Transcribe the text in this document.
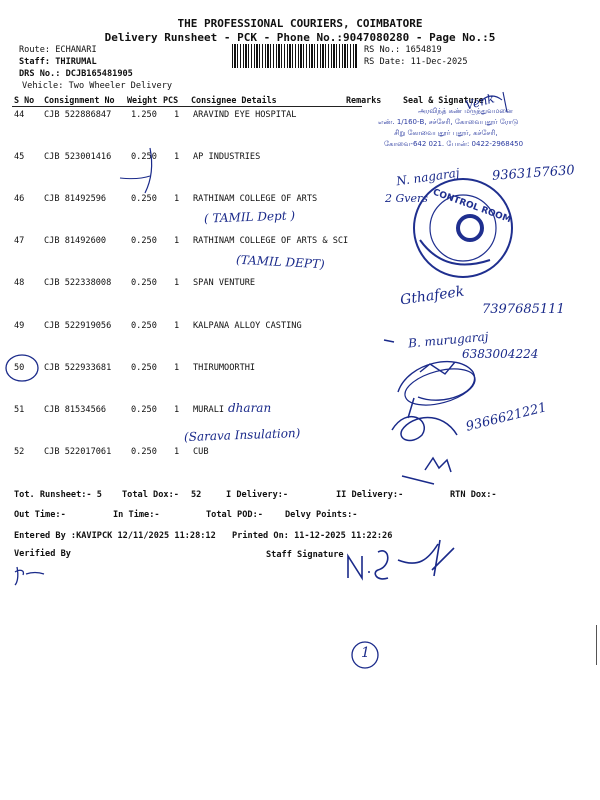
THE PROFESSIONAL COURIERS, COIMBATORE
Delivery Runsheet - PCK - Phone No.:9047080280 - Page No.:5
Route: ECHANARI
Staff: THIRUMAL
DRS No.: DCJB165481905
Vehicle: Two Wheeler Delivery
RS No.: 1654819
RS Date: 11-Dec-2025
S No Consignment No Weight PCS Consignee Details	Remarks	Seal & Signature
44 CJB 522886847 1.250 1 ARAVIND EYE HOSPITAL
45 CJB 523001416 0.250 1 AP INDUSTRIES
46 CJB 81492596	0.250 1 RATHINAM COLLEGE OF ARTS
47 CJB 81492600	0.250 1 RATHINAM COLLEGE OF ARTS & SCI
48 CJB 522338008 0.250 1 SPAN VENTURE
49 CJB 522919056 0.250 1 KALPANA ALLOY CASTING
50 CJB 522933681 0.250 1 THIRUMOORTHI
51 CJB 81534566	0.250 1 MURALI
52 CJB 522017061 0.250 1 CUB
அரவிந்த் கண் மருத்துவமனை
எண். 1/160-B, சச்சேரி, கோவைபுதூர் ரோடு
சிறு கோவைபுதூர் புதூர், கச்சேரி,
கோவை-642 021. போன்: 0422-2968450
Venk
N. nagaraj 9363157630
( TAMIL Dept )
2 Gvers
(TAMIL DEPT)
Gthafeek
7397685111
B. murugaraj
6383004224
dharan
(Sarava Insulation)
9366621221
CONTROL ROOM
1
Tot. Runsheet:- 5 Total Dox:- 52	I Delivery:-	II Delivery:-	RTN Dox:-
Out Time:-	In Time:-	Total POD:-	Delvy Points:-
Entered By :KAVIPCK 12/11/2025 11:28:12 Printed On: 11-12-2025 11:22:26
Verified By	Staff Signature
